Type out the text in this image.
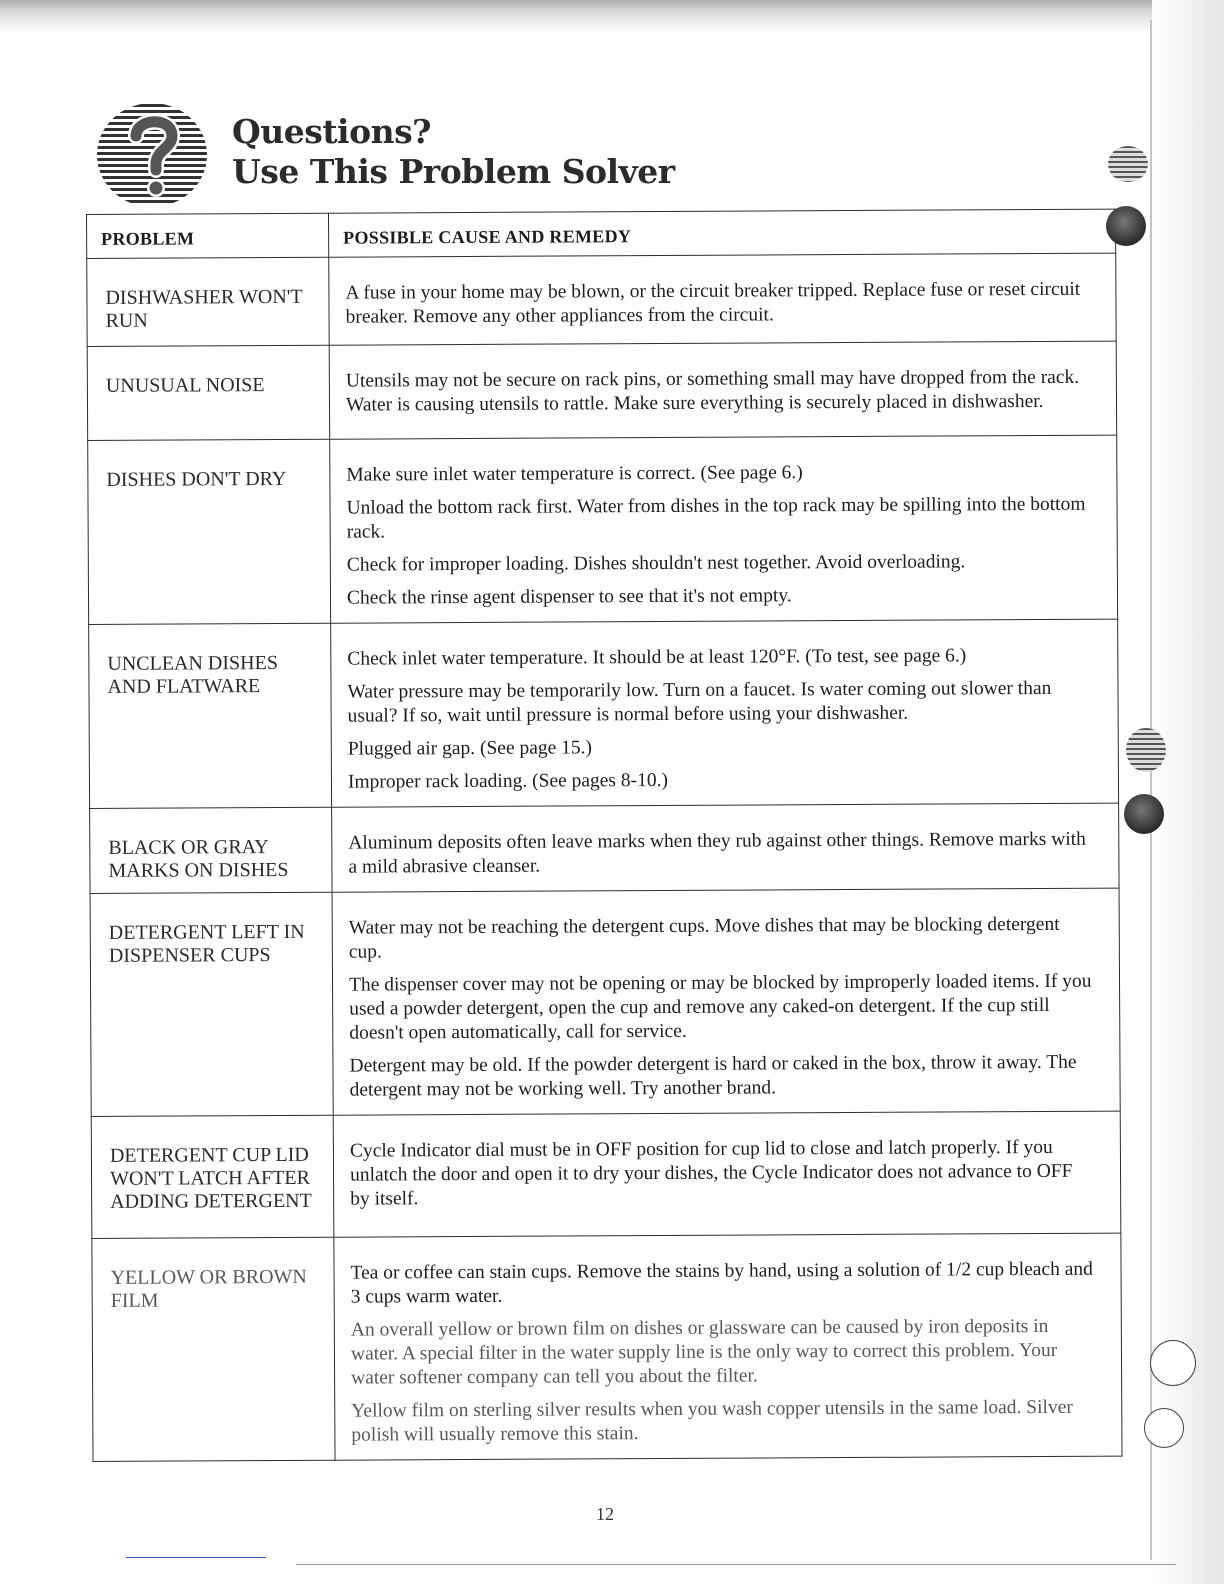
Questions?
Use This Problem Solver
PROBLEM	POSSIBLE CAUSE AND REMEDY
DISHWASHER WON'T RUN	A fuse in your home may be blown, or the circuit breaker tripped. Replace fuse or reset circuit breaker. Remove any other appliances from the circuit.

UNUSUAL NOISE	Utensils may not be secure on rack pins, or something small may have dropped from the rack. Water is causing utensils to rattle. Make sure everything is securely placed in dishwasher.

DISHES DON'T DRY	Make sure inlet water temperature is correct. (See page 6.)

Unload the bottom rack first. Water from dishes in the top rack may be spilling into the bottom rack.

Check for improper loading. Dishes shouldn't nest together. Avoid overloading.

Check the rinse agent dispenser to see that it's not empty.

UNCLEAN DISHES AND FLATWARE	Check inlet water temperature. It should be at least 120°F. (To test, see page 6.)

Water pressure may be temporarily low. Turn on a faucet. Is water coming out slower than usual? If so, wait until pressure is normal before using your dishwasher.

Plugged air gap. (See page 15.)

Improper rack loading. (See pages 8-10.)

BLACK OR GRAY MARKS ON DISHES	Aluminum deposits often leave marks when they rub against other things. Remove marks with a mild abrasive cleanser.

DETERGENT LEFT IN DISPENSER CUPS	Water may not be reaching the detergent cups. Move dishes that may be blocking detergent cup.

The dispenser cover may not be opening or may be blocked by improperly loaded items. If you used a powder detergent, open the cup and remove any caked-on detergent. If the cup still doesn't open automatically, call for service.

Detergent may be old. If the powder detergent is hard or caked in the box, throw it away. The detergent may not be working well. Try another brand.

DETERGENT CUP LID WON'T LATCH AFTER ADDING DETERGENT	Cycle Indicator dial must be in OFF position for cup lid to close and latch properly. If you unlatch the door and open it to dry your dishes, the Cycle Indicator does not advance to OFF by itself.

YELLOW OR BROWN FILM	Tea or coffee can stain cups. Remove the stains by hand, using a solution of 1/2 cup bleach and 3 cups warm water.

An overall yellow or brown film on dishes or glassware can be caused by iron deposits in water. A special filter in the water supply line is the only way to correct this problem. Your water softener company can tell you about the filter.

Yellow film on sterling silver results when you wash copper utensils in the same load. Silver polish will usually remove this stain.

12
